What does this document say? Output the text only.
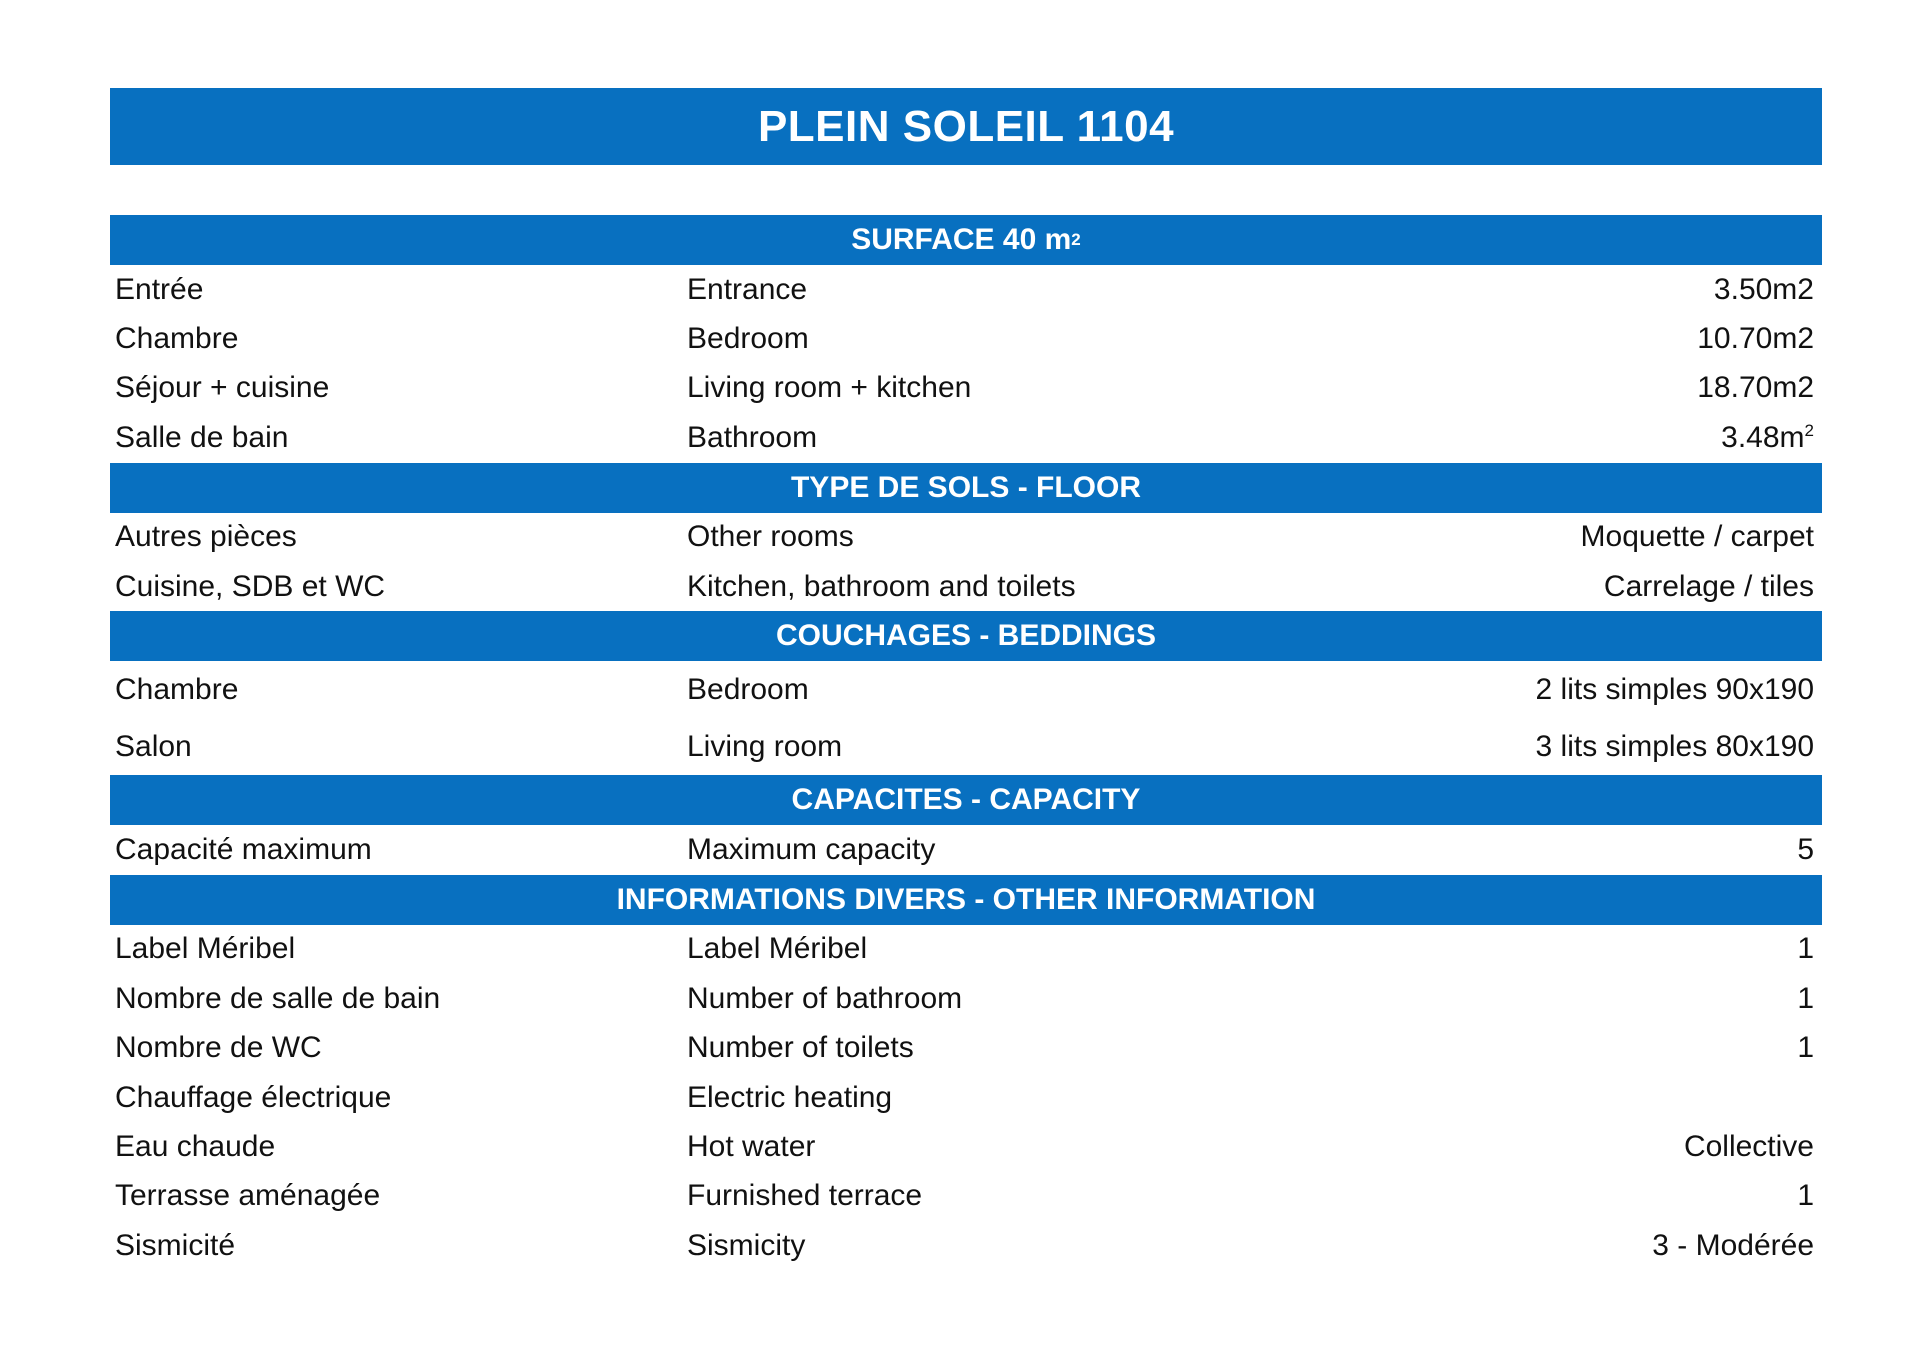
PLEIN SOLEIL 1104
SURFACE 40 m 2
Entrée	Entrance	3.50m2
Chambre	Bedroom	10.70m2
Séjour + cuisine	Living room + kitchen	18.70m2
Salle de bain	Bathroom	$3.48m^2$
TYPE DE SOLS - FLOOR
Autres pièces	Other rooms	Moquette / carpet
Cuisine, SDB et WC	Kitchen, bathroom and toilets	Carrelage / tiles
COUCHAGES - BEDDINGS
Chambre	Bedroom	2 lits simples 90x190
Salon	Living room	3 lits simples 80x190
CAPACITES - CAPACITY
Capacité maximum	Maximum capacity	5
INFORMATIONS DIVERS - OTHER INFORMATION
Label Méribel	Label Méribel	1
Nombre de salle de bain	Number of bathroom	1
Nombre de WC	Number of toilets	1
Chauffage électrique	Electric heating
Eau chaude	Hot water	Collective
Terrasse aménagée	Furnished terrace	1
Sismicité	Sismicity	3 - Modérée
